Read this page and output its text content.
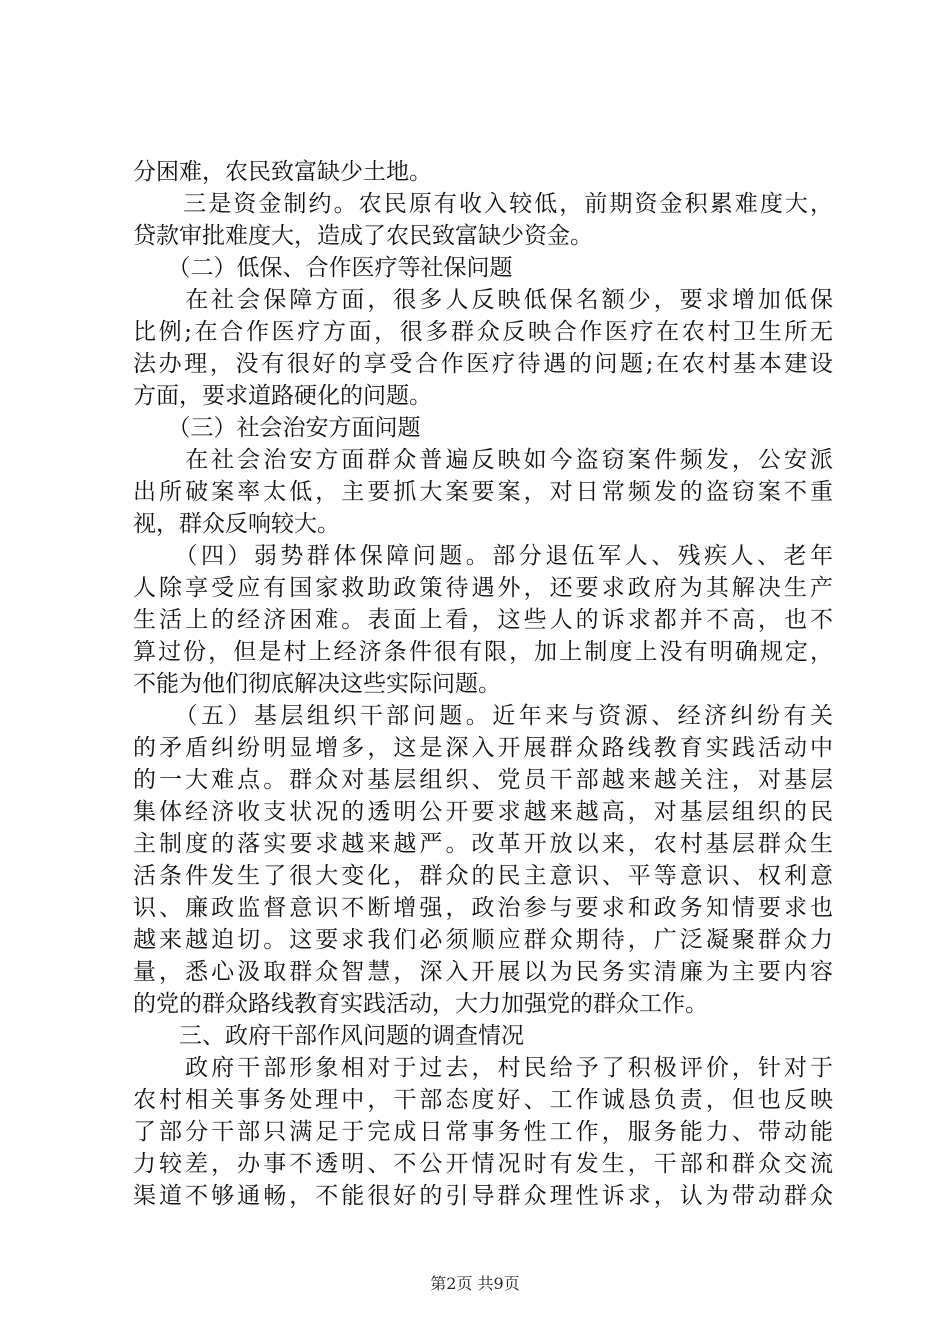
分困难，农民致富缺少土地。
　　三是资金制约。农民原有收入较低，前期资金积累难度大，
贷款审批难度大，造成了农民致富缺少资金。
　　（二）低保、合作医疗等社保问题
　　在社会保障方面，很多人反映低保名额少，要求增加低保
比例;在合作医疗方面，很多群众反映合作医疗在农村卫生所无
法办理，没有很好的享受合作医疗待遇的问题;在农村基本建设
方面，要求道路硬化的问题。
　　（三）社会治安方面问题
　　在社会治安方面群众普遍反映如今盗窃案件频发，公安派
出所破案率太低，主要抓大案要案，对日常频发的盗窃案不重
视，群众反响较大。
　　（四）弱势群体保障问题。部分退伍军人、残疾人、老年
人除享受应有国家救助政策待遇外，还要求政府为其解决生产
生活上的经济困难。表面上看，这些人的诉求都并不高，也不
算过份，但是村上经济条件很有限，加上制度上没有明确规定，
不能为他们彻底解决这些实际问题。
　　（五）基层组织干部问题。近年来与资源、经济纠纷有关
的矛盾纠纷明显增多，这是深入开展群众路线教育实践活动中
的一大难点。群众对基层组织、党员干部越来越关注，对基层
集体经济收支状况的透明公开要求越来越高，对基层组织的民
主制度的落实要求越来越严。改革开放以来，农村基层群众生
活条件发生了很大变化，群众的民主意识、平等意识、权利意
识、廉政监督意识不断增强，政治参与要求和政务知情要求也
越来越迫切。这要求我们必须顺应群众期待，广泛凝聚群众力
量，悉心汲取群众智慧，深入开展以为民务实清廉为主要内容
的党的群众路线教育实践活动，大力加强党的群众工作。
　　三、政府干部作风问题的调查情况
　　政府干部形象相对于过去，村民给予了积极评价，针对于
农村相关事务处理中，干部态度好、工作诚恳负责，但也反映
了部分干部只满足于完成日常事务性工作，服务能力、带动能
力较差，办事不透明、不公开情况时有发生，干部和群众交流
渠道不够通畅，不能很好的引导群众理性诉求，认为带动群众
第2页 共9页
